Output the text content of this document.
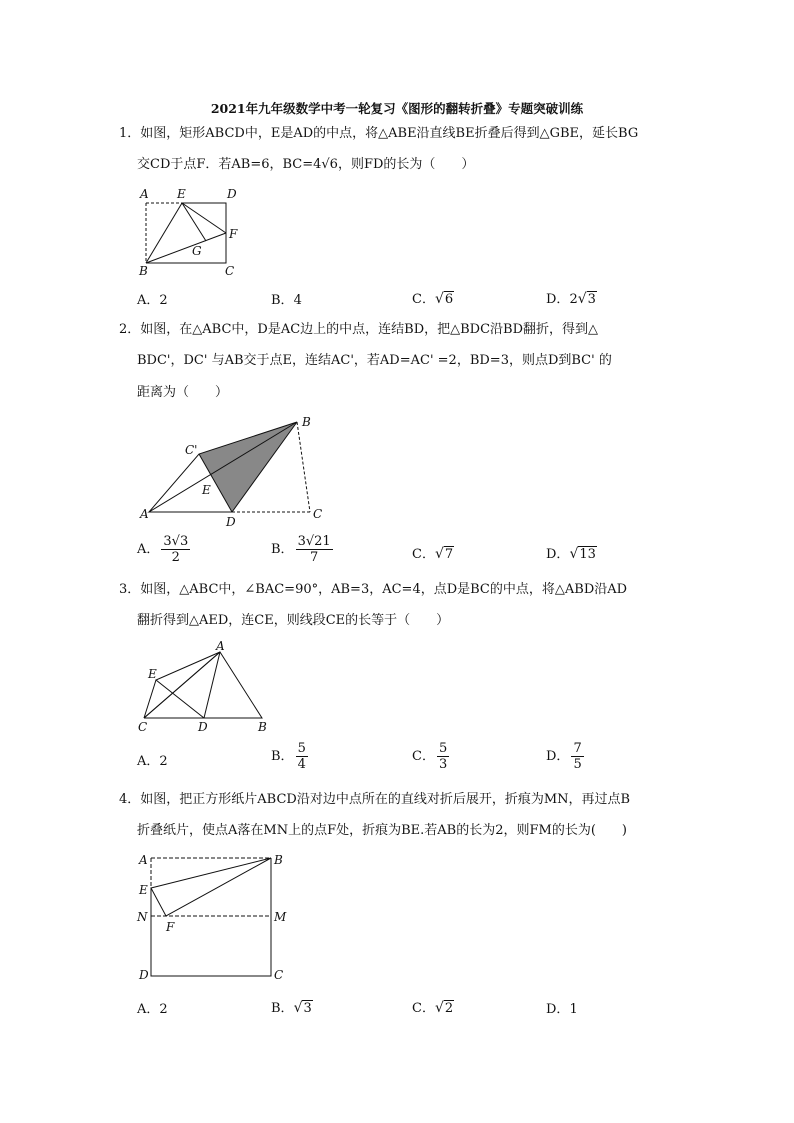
2021年九年级数学中考一轮复习《图形的翻转折叠》专题突破训练
1．如图，矩形ABCD中，E是AD的中点，将△ABE沿直线BE折叠后得到△GBE，延长BG
交CD于点F．若AB=6，BC=4√6，则FD的长为（　　）
A E	D
F
G
B	C
A．2	B．4	C．√6	D．2√3
2．如图，在△ABC中，D是AC边上的中点，连结BD，把△BDC沿BD翻折，得到△
BDC'，DC' 与AB交于点E，连结AC'，若AD=AC' =2，BD=3，则点D到BC' 的
距离为（　　）
B
C'
E
A
D
C
A． $\frac{3√3}{2}$	B． $\frac{3√21}{7}$	C．√7	D．√13
3．如图，△ABC中，∠BAC=90°，AB=3，AC=4，点D是BC的中点，将△ABD沿AD
翻折得到△AED，连CE，则线段CE的长等于（　　）
A
E
C	D	B
A．2	B． $\frac{5}{4}$	C． $\frac{5}{3}$	D． $\frac{7}{5}$
4．如图，把正方形纸片ABCD沿对边中点所在的直线对折后展开，折痕为MN，再过点B
折叠纸片，使点A落在MN上的点F处，折痕为BE.若AB的长为2，则FM的长为(　　)
A	B
E
N	M
F
D	C
A．2	B．√3	C．√2	D．1
